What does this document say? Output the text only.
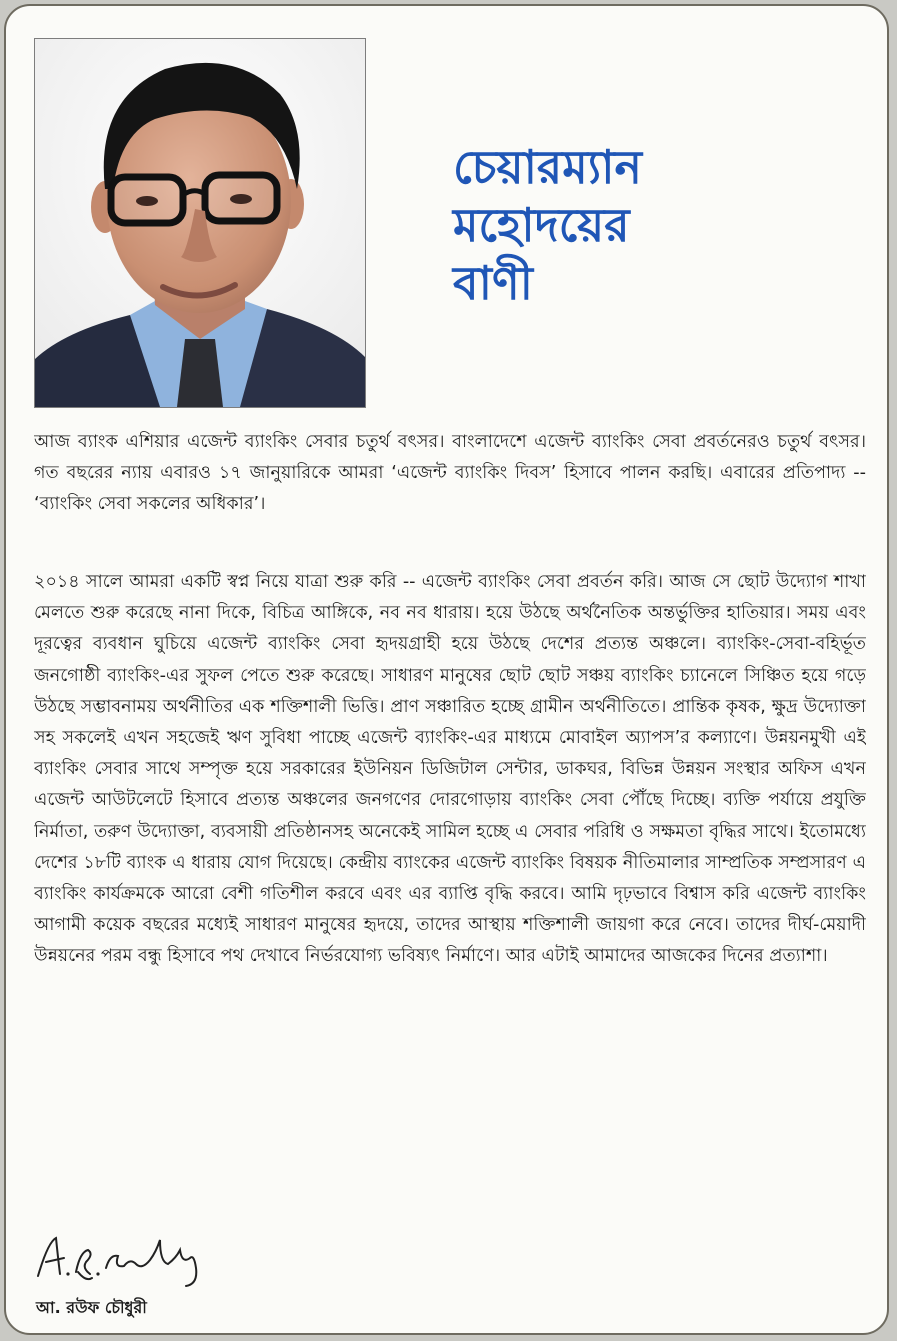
চেয়ারম্যান
মহোদয়ের
বাণী

আজ ব্যাংক এশিয়ার এজেন্ট ব্যাংকিং সেবার চতুর্থ বৎসর। বাংলাদেশে এজেন্ট ব্যাংকিং সেবা প্রবর্তনেরও চতুর্থ বৎসর। গত বছরের ন্যায় এবারও ১৭ জানুয়ারিকে আমরা ‘এজেন্ট ব্যাংকিং দিবস’ হিসাবে পালন করছি। এবারের প্রতিপাদ্য -- ‘ব্যাংকিং সেবা সকলের অধিকার’।

২০১৪ সালে আমরা একটি স্বপ্ন নিয়ে যাত্রা শুরু করি -- এজেন্ট ব্যাংকিং সেবা প্রবর্তন করি। আজ সে ছোট উদ্যোগ শাখা মেলতে শুরু করেছে নানা দিকে, বিচিত্র আঙ্গিকে, নব নব ধারায়। হয়ে উঠছে অর্থনৈতিক অন্তর্ভুক্তির হাতিয়ার। সময় এবং দূরত্বের ব্যবধান ঘুচিয়ে এজেন্ট ব্যাংকিং সেবা হৃদয়গ্রাহী হয়ে উঠছে দেশের প্রত্যন্ত অঞ্চলে। ব্যাংকিং-সেবা-বহির্ভূত জনগোষ্ঠী ব্যাংকিং-এর সুফল পেতে শুরু করেছে। সাধারণ মানুষের ছোট ছোট সঞ্চয় ব্যাংকিং চ্যানেলে সিঞ্চিত হয়ে গড়ে উঠছে সম্ভাবনাময় অর্থনীতির এক শক্তিশালী ভিত্তি। প্রাণ সঞ্চারিত হচ্ছে গ্রামীন অর্থনীতিতে। প্রান্তিক কৃষক, ক্ষুদ্র উদ্যোক্তা সহ সকলেই এখন সহজেই ঋণ সুবিধা পাচ্ছে এজেন্ট ব্যাংকিং-এর মাধ্যমে মোবাইল অ্যাপস’র কল্যাণে। উন্নয়নমুখী এই ব্যাংকিং সেবার সাথে সম্পৃক্ত হয়ে সরকারের ইউনিয়ন ডিজিটাল সেন্টার, ডাকঘর, বিভিন্ন উন্নয়ন সংস্থার অফিস এখন এজেন্ট আউটলেটে হিসাবে প্রত্যন্ত অঞ্চলের জনগণের দোরগোড়ায় ব্যাংকিং সেবা পৌঁছে দিচ্ছে। ব্যক্তি পর্যায়ে প্রযুক্তি নির্মাতা, তরুণ উদ্যোক্তা, ব্যবসায়ী প্রতিষ্ঠানসহ অনেকেই সামিল হচ্ছে এ সেবার পরিধি ও সক্ষমতা বৃদ্ধির সাথে। ইতোমধ্যে দেশের ১৮টি ব্যাংক এ ধারায় যোগ দিয়েছে। কেন্দ্রীয় ব্যাংকের এজেন্ট ব্যাংকিং বিষয়ক নীতিমালার সাম্প্রতিক সম্প্রসারণ এ ব্যাংকিং কার্যক্রমকে আরো বেশী গতিশীল করবে এবং এর ব্যাপ্তি বৃদ্ধি করবে। আমি দৃঢ়ভাবে বিশ্বাস করি এজেন্ট ব্যাংকিং আগামী কয়েক বছরের মধ্যেই সাধারণ মানুষের হৃদয়ে, তাদের আস্থায় শক্তিশালী জায়গা করে নেবে। তাদের দীর্ঘ-মেয়াদী উন্নয়নের পরম বন্ধু হিসাবে পথ দেখাবে নির্ভরযোগ্য ভবিষ্যৎ নির্মাণে। আর এটাই আমাদের আজকের দিনের প্রত্যাশা।

আ. রউফ চৌধুরী
